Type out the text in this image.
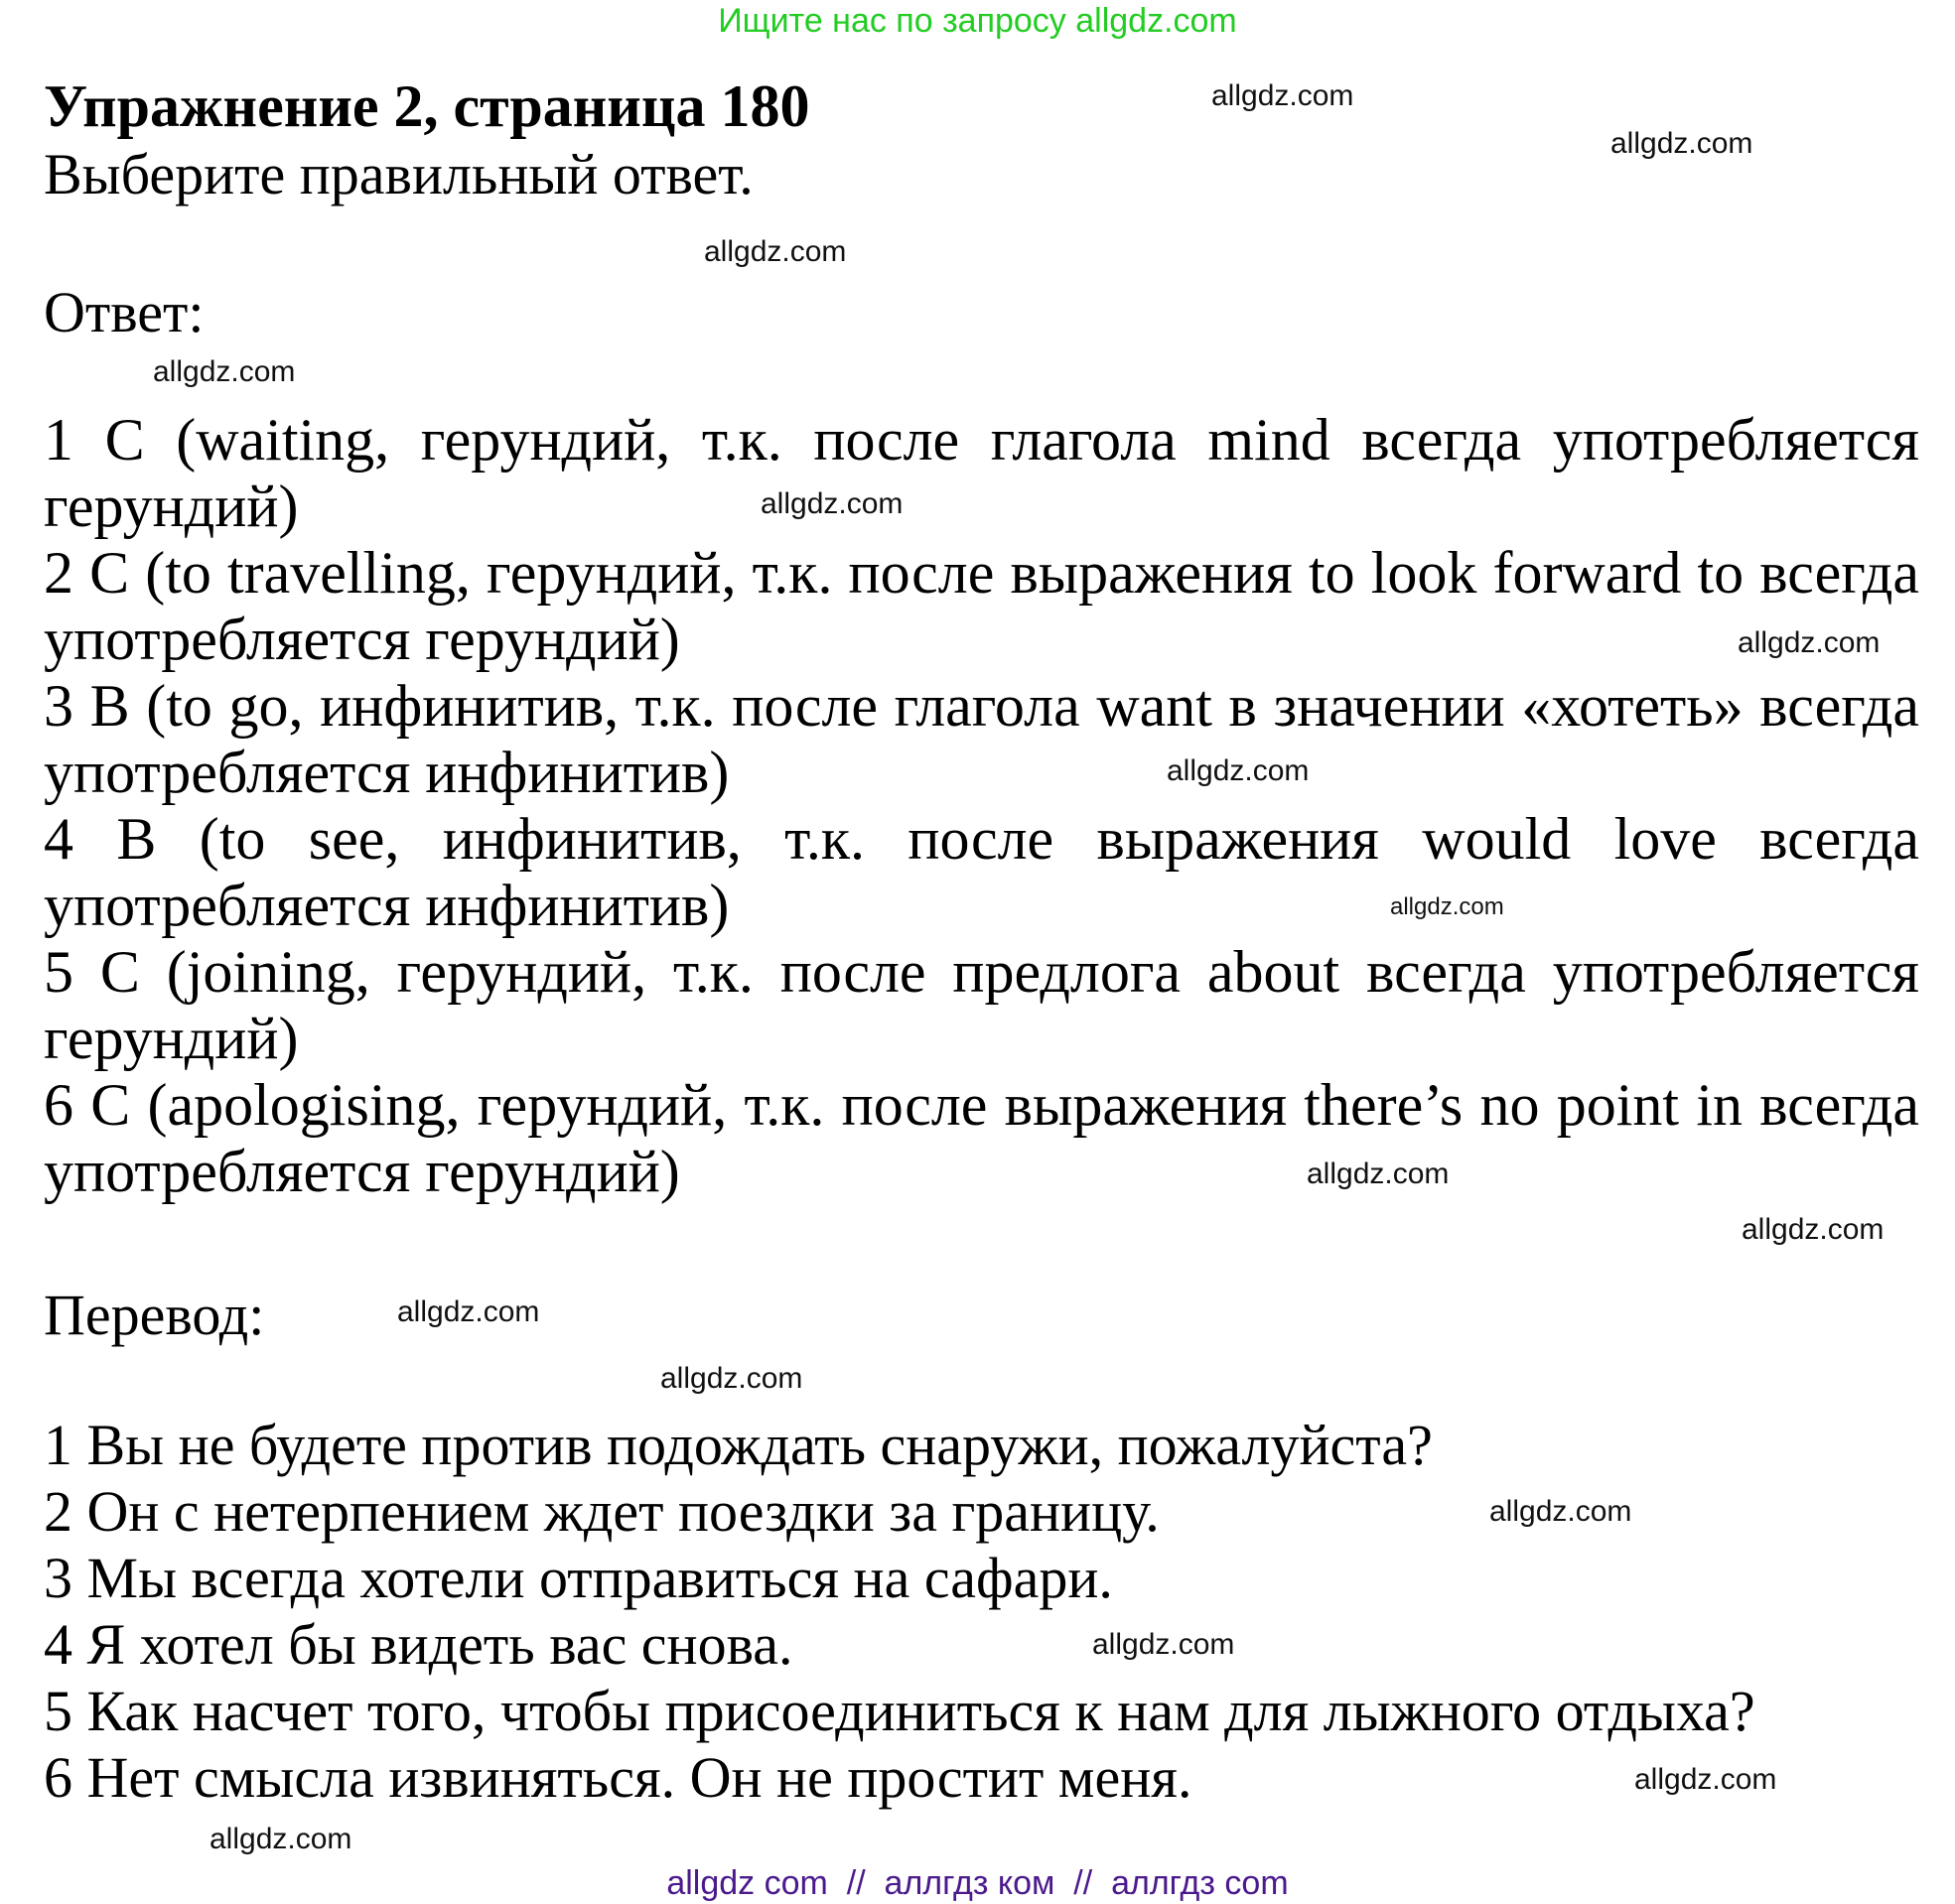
Ищите нас по запросу allgdz.com
Упражнение 2, страница 180
Выберите правильный ответ.
Ответ:
1 C (waiting, герундий, т.к. после глагола mind всегда употребляется
герундий)
2 C (to travelling, герундий, т.к. после выражения to look forward to всегда
употребляется герундий)
3 B (to go, инфинитив, т.к. после глагола want в значении «хотеть» всегда
употребляется инфинитив)
4 B (to see, инфинитив, т.к. после выражения would love всегда
употребляется инфинитив)
5 C (joining, герундий, т.к. после предлога about всегда употребляется
герундий)
6 C (apologising, герундий, т.к. после выражения there’s no point in всегда
употребляется герундий)
Перевод:
1 Вы не будете против подождать снаружи, пожалуйста?
2 Он с нетерпением ждет поездки за границу.
3 Мы всегда хотели отправиться на сафари.
4 Я хотел бы видеть вас снова.
5 Как насчет того, чтобы присоединиться к нам для лыжного отдыха?
6 Нет смысла извиняться. Он не простит меня.
allgdz.com
allgdz.com
allgdz.com
allgdz.com
allgdz.com
allgdz.com
allgdz.com
allgdz.com
allgdz.com
allgdz.com
allgdz.com
allgdz.com
allgdz.com
allgdz.com
allgdz.com
allgdz.com
allgdz com  //  аллгдз ком  //  аллгдз com
